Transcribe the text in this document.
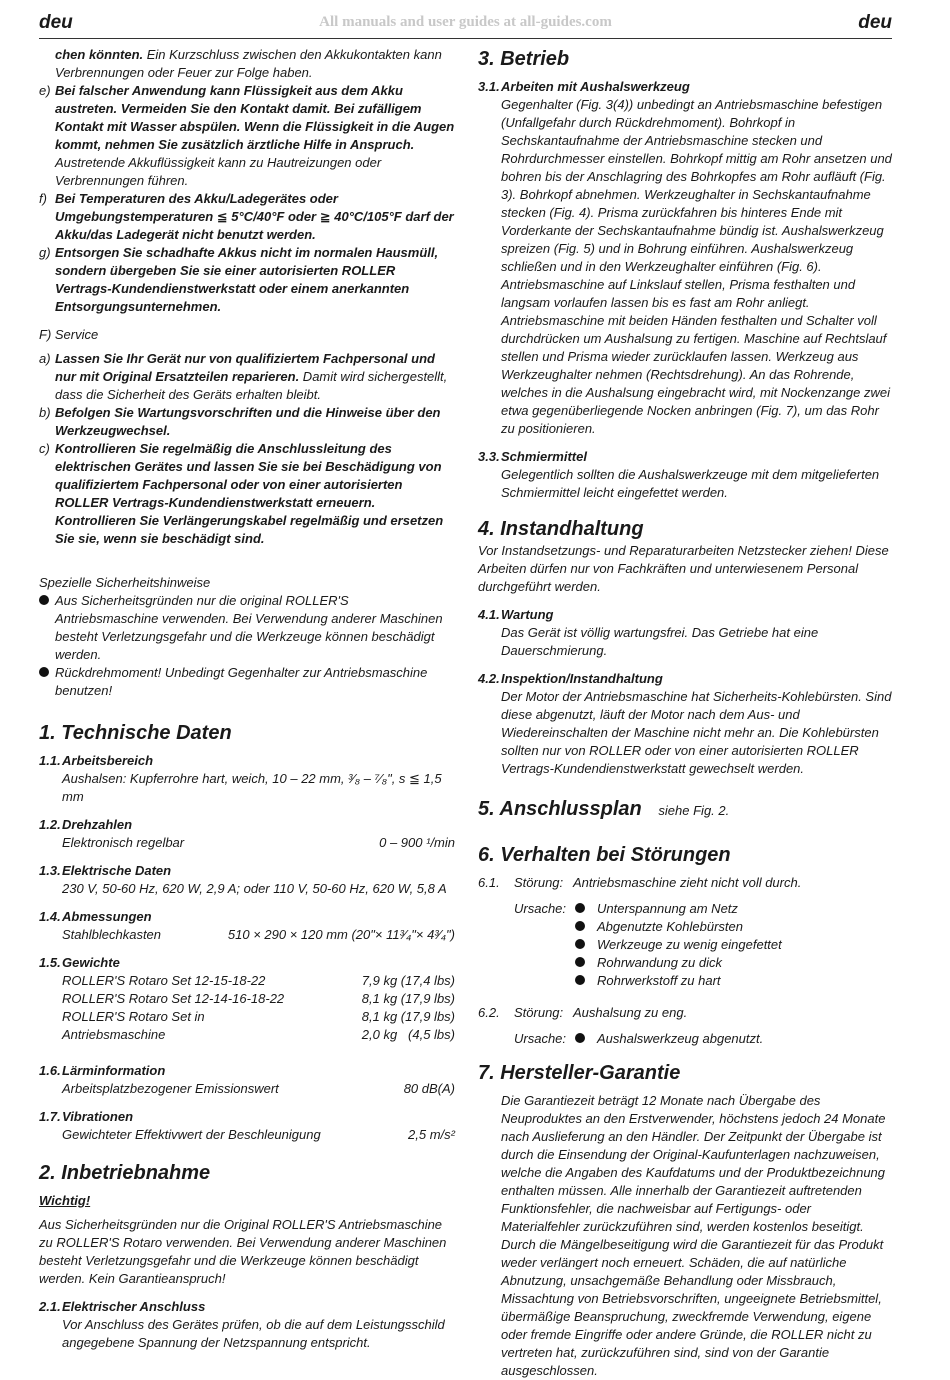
deu	All manuals and user guides at all-guides.com	deu

chen könnten. Ein Kurzschluss zwischen den Akkukontakten kann Verbrennungen oder Feuer zur Folge haben.

e) Bei falscher Anwendung kann Flüssigkeit aus dem Akku austreten. Vermeiden Sie den Kontakt damit. Bei zufälligem Kontakt mit Wasser abspülen. Wenn die Flüssigkeit in die Augen kommt, nehmen Sie zusätzlich ärztliche Hilfe in Anspruch. Austretende Akkuflüssigkeit kann zu Hautreizungen oder Verbrennungen führen.
f) Bei Temperaturen des Akku/Ladegerätes oder Umgebungstemperaturen ≦ 5°C/40°F oder ≧ 40°C/105°F darf der Akku/das Ladegerät nicht benutzt werden.
g) Entsorgen Sie schadhafte Akkus nicht im normalen Hausmüll, sondern übergeben Sie sie einer autorisierten ROLLER Vertrags-Kundendienstwerkstatt oder einem anerkannten Entsorgungsunternehmen.

F) Service

a) Lassen Sie Ihr Gerät nur von qualifiziertem Fachpersonal und nur mit Original Ersatzteilen reparieren. Damit wird sichergestellt, dass die Sicherheit des Geräts erhalten bleibt.
b) Befolgen Sie Wartungsvorschriften und die Hinweise über den Werkzeugwechsel.
c) Kontrollieren Sie regelmäßig die Anschlussleitung des elektrischen Gerätes und lassen Sie sie bei Beschädigung von qualifiziertem Fachpersonal oder von einer autorisierten ROLLER Vertrags-Kundendienstwerkstatt erneuern. Kontrollieren Sie Verlängerungskabel regelmäßig und ersetzen Sie sie, wenn sie beschädigt sind.

Spezielle Sicherheitshinweise

Aus Sicherheitsgründen nur die original ROLLER'S Antriebsmaschine verwenden. Bei Verwendung anderer Maschinen besteht Verletzungsgefahr und die Werkzeuge können beschädigt werden.
Rückdrehmoment! Unbedingt Gegenhalter zur Antriebsmaschine benutzen!
1. Technische Daten

1.1.Arbeitsbereich

Aushalsen: Kupferrohre hart, weich, 10 – 22 mm, ³⁄₈ – ⁷⁄₈", s ≦ 1,5 mm

1.2.Drehzahlen

Elektronisch regelbar	0 – 900 ¹/min

1.3.Elektrische Daten

230 V, 50-60 Hz, 620 W, 2,9 A; oder 110 V, 50-60 Hz, 620 W, 5,8 A

1.4.Abmessungen

Stahlblechkasten	510 × 290 × 120 mm (20"× 11³⁄₄"× 4³⁄₄")

1.5.Gewichte

ROLLER'S Rotaro Set 12-15-18-22	7,9 kg (17,4 lbs)
ROLLER'S Rotaro Set 12-14-16-18-22	8,1 kg (17,9 lbs)
ROLLER'S Rotaro Set in	8,1 kg (17,9 lbs)
Antriebsmaschine	2,0 kg   (4,5 lbs)

1.6.Lärminformation

Arbeitsplatzbezogener Emissionswert	80 dB(A)

1.7.Vibrationen

Gewichteter Effektivwert der Beschleunigung	2,5 m/s²
2. Inbetriebnahme

Wichtig!

Aus Sicherheitsgründen nur die Original ROLLER'S Antriebsmaschine zu ROLLER'S Rotaro verwenden. Bei Verwendung anderer Maschinen besteht Verletzungsgefahr und die Werkzeuge können beschädigt werden. Kein Garantieanspruch!

2.1.Elektrischer Anschluss

Vor Anschluss des Gerätes prüfen, ob die auf dem Leistungsschild angegebene Spannung der Netzspannung entspricht.

3. Betrieb

3.1.Arbeiten mit Aushalswerkzeug

Gegenhalter (Fig. 3(4)) unbedingt an Antriebsmaschine befestigen (Unfallgefahr durch Rückdrehmoment). Bohrkopf in Sechskantaufnahme der Antriebsmaschine stecken und Rohrdurchmesser einstellen. Bohrkopf mittig am Rohr ansetzen und bohren bis der Anschlagring des Bohrkopfes am Rohr aufläuft (Fig. 3). Bohrkopf abnehmen. Werkzeughalter in Sechskantaufnahme stecken (Fig. 4). Prisma zurückfahren bis hinteres Ende mit Vorderkante der Sechskantaufnahme bündig ist. Aushalswerkzeug spreizen (Fig. 5) und in Bohrung einführen. Aushalswerkzeug schließen und in den Werkzeughalter einführen (Fig. 6). Antriebsmaschine auf Linkslauf stellen, Prisma festhalten und langsam vorlaufen lassen bis es fast am Rohr anliegt. Antriebsmaschine mit beiden Händen festhalten und Schalter voll durchdrücken um Aushalsung zu fertigen. Maschine auf Rechtslauf stellen und Prisma wieder zurücklaufen lassen. Werkzeug aus Werkzeughalter nehmen (Rechtsdrehung). An das Rohrende, welches in die Aushalsung eingebracht wird, mit Nockenzange zwei etwa gegenüberliegende Nocken anbringen (Fig. 7), um das Rohr zu positionieren.

3.3.Schmiermittel

Gelegentlich sollten die Aushalswerkzeuge mit dem mitgelieferten Schmiermittel leicht eingefettet werden.

4. Instandhaltung

Vor Instandsetzungs- und Reparaturarbeiten Netzstecker ziehen! Diese Arbeiten dürfen nur von Fachkräften und unterwiesenem Personal durchgeführt werden.

4.1.Wartung

Das Gerät ist völlig wartungsfrei. Das Getriebe hat eine Dauerschmierung.

4.2.Inspektion/Instandhaltung

Der Motor der Antriebsmaschine hat Sicherheits-Kohlebürsten. Sind diese abgenutzt, läuft der Motor nach dem Aus- und Wiedereinschalten der Maschine nicht mehr an. Die Kohlebürsten sollten nur von ROLLER oder von einer autorisierten ROLLER Vertrags-Kundendienstwerkstatt gewechselt werden.

5. Anschlussplan siehe Fig. 2.
6. Verhalten bei Störungen
6.1.	Störung:	Antriebsmaschine zieht nicht voll durch.

	Ursache:	Unterspannung am Netz
Abgenutzte Kohlebürsten
Werkzeuge zu wenig eingefettet
Rohrwandung zu dick
Rohrwerkstoff zu hart

6.2.	Störung:	Aushalsung zu eng.

	Ursache:	Aushalswerkzeug abgenutzt.
7. Hersteller-Garantie

Die Garantiezeit beträgt 12 Monate nach Übergabe des Neuproduktes an den Erstverwender, höchstens jedoch 24 Monate nach Auslieferung an den Händler. Der Zeitpunkt der Übergabe ist durch die Einsendung der Original-Kaufunterlagen nachzuweisen, welche die Angaben des Kaufdatums und der Produktbezeichnung enthalten müssen. Alle innerhalb der Garantiezeit auftretenden Funktionsfehler, die nachweisbar auf Fertigungs- oder Materialfehler zurückzuführen sind, werden kostenlos beseitigt. Durch die Mängelbeseitigung wird die Garantiezeit für das Produkt weder verlängert noch erneuert. Schäden, die auf natürliche Abnutzung, unsachgemäße Behandlung oder Missbrauch, Missachtung von Betriebsvorschriften, ungeeignete Betriebsmittel, übermäßige Beanspruchung, zweckfremde Verwendung, eigene oder fremde Eingriffe oder andere Gründe, die ROLLER nicht zu vertreten hat, zurückzuführen sind, sind von der Garantie ausgeschlossen.
